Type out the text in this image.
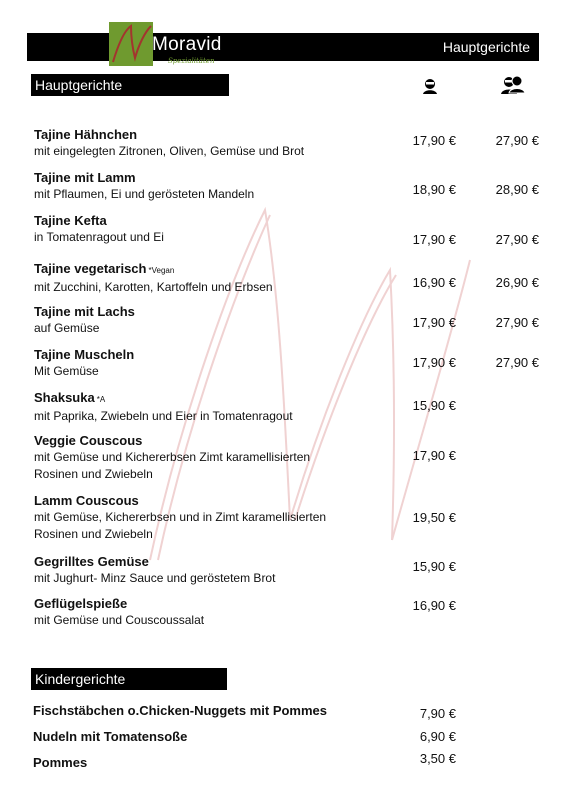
Hauptgerichte
Moravid
Spezialitäten
Hauptgerichte
Tajine Hähnchen
mit eingelegten Zitronen, Oliven, Gemüse und Brot
17,90 €	27,90 €
Tajine mit Lamm
mit Pflaumen, Ei und gerösteten Mandeln	18,90 €	28,90 €
Tajine Kefta
in Tomatenragout und Ei	17,90 €	27,90 €
Tajine vegetarisch *Vegan
mit Zucchini, Karotten, Kartoffeln und Erbsen	16,90 €	26,90 €
Tajine mit Lachs
auf Gemüse	17,90 €	27,90 €
Tajine Muscheln
Mit Gemüse
17,90 €	27,90 €
Shaksuka *A
mit Paprika, Zwiebeln und Eier in Tomatenragout
15,90 €
Veggie Couscous
mit Gemüse und Kichererbsen Zimt karamellisierten
Rosinen und Zwiebeln
17,90 €
Lamm Couscous
mit Gemüse, Kichererbsen und in Zimt karamellisierten
Rosinen und Zwiebeln
19,50 €
Gegrilltes Gemüse
mit Jughurt- Minz Sauce und geröstetem Brot
15,90 €
Geflügelspieße
mit Gemüse und Couscoussalat
16,90 €
Kindergerichte
Fischstäbchen o.Chicken-Nuggets mit Pommes	7,90 €
Nudeln mit Tomatensoße	6,90 €
Pommes	3,50 €
